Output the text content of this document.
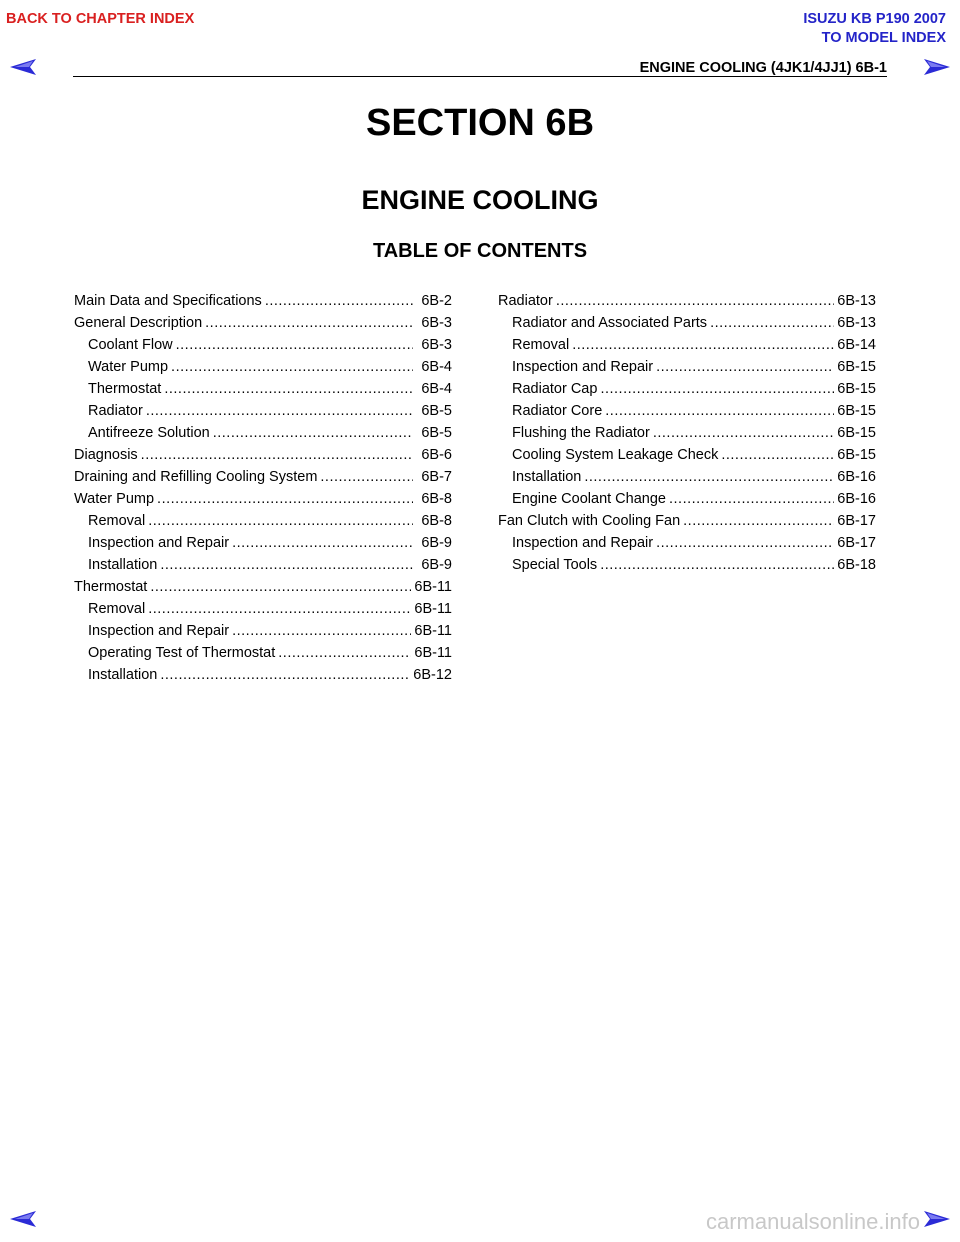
BACK TO CHAPTER INDEX	ISUZU KB P190 2007
TO MODEL INDEX
ENGINE COOLING (4JK1/4JJ1) 6B-1
SECTION 6B
ENGINE COOLING
TABLE OF CONTENTS
Main Data and Specifications .....	6B-2
General Description .....	6B-3
Coolant Flow .....	6B-3
Water Pump .....	6B-4
Thermostat .....	6B-4
Radiator .....	6B-5
Antifreeze Solution .....	6B-5
Diagnosis .....	6B-6
Draining and Refilling Cooling System .....	6B-7
Water Pump .....	6B-8
Removal .....	6B-8
Inspection and Repair .....	6B-9
Installation .....	6B-9
Thermostat .....	6B-11
Removal .....	6B-11
Inspection and Repair .....	6B-11
Operating Test of Thermostat .....	6B-11
Installation .....	6B-12
Radiator .....	6B-13
Radiator and Associated Parts .....	6B-13
Removal .....	6B-14
Inspection and Repair .....	6B-15
Radiator Cap .....	6B-15
Radiator Core .....	6B-15
Flushing the Radiator .....	6B-15
Cooling System Leakage Check .....	6B-15
Installation .....	6B-16
Engine Coolant Change .....	6B-16
Fan Clutch with Cooling Fan .....	6B-17
Inspection and Repair .....	6B-17
Special Tools .....	6B-18
carmanualsonline.info
